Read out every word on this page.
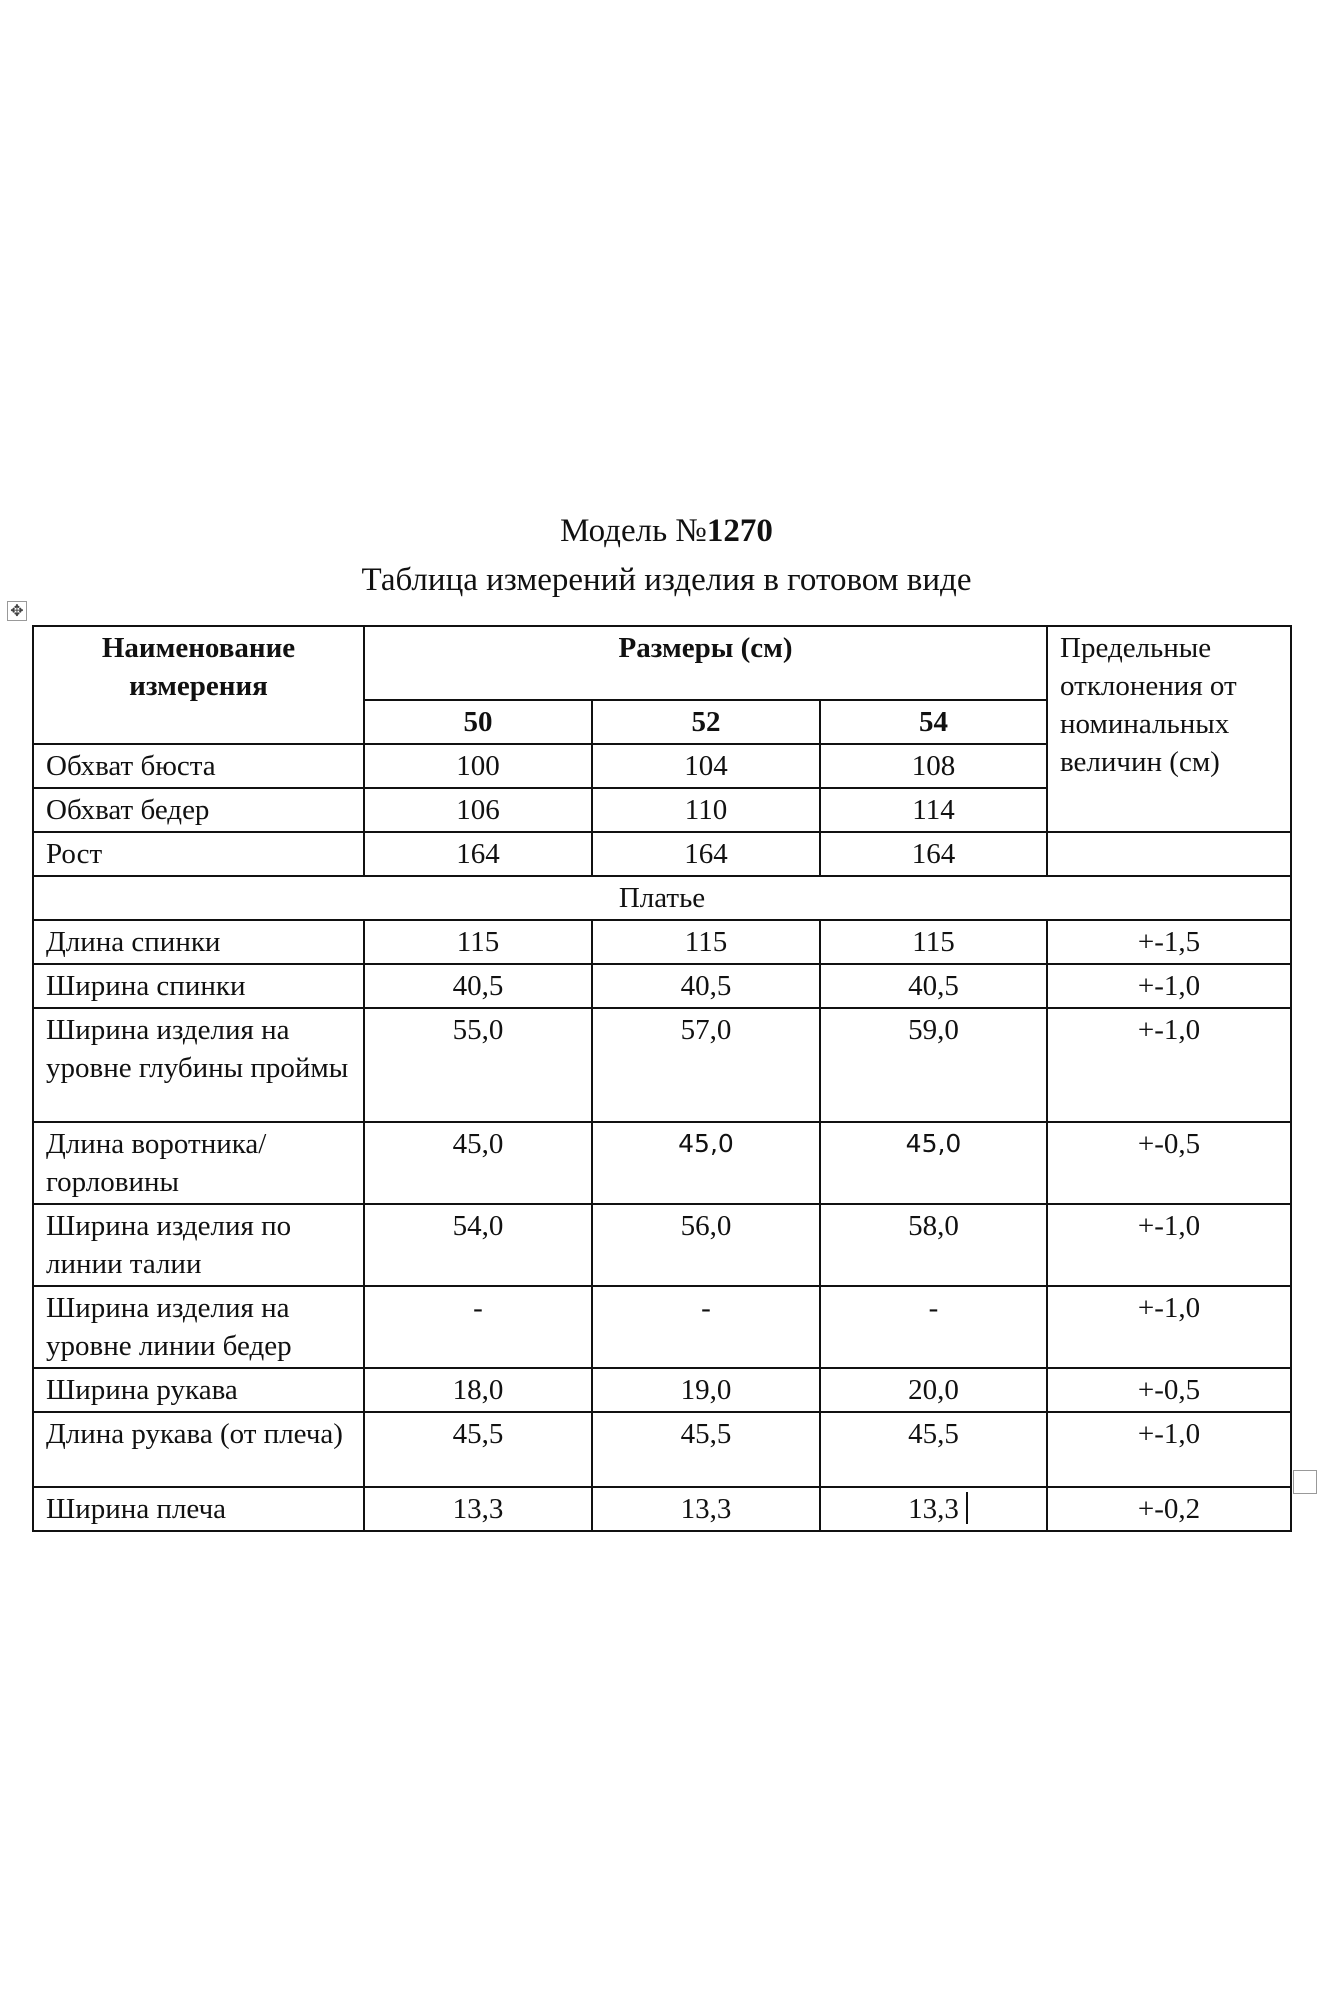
Модель №1270
Таблица измерений изделия в готовом виде
✥
Наименование измерения	Размеры (см)			Предельные отклонения от номинальных величин (см)
	50	52	54	
Обхват бюста	100	104	108	
Обхват бедер	106	110	114	
Рост	164	164	164	
Платье				
Длина спинки	115	115	115	+-1,5
Ширина спинки	40,5	40,5	40,5	+-1,0
Ширина изделия на уровне глубины проймы	55,0	57,0	59,0	+-1,0
Длина воротника/горловины	45,0	45,0	45,0	+-0,5
Ширина изделия по линии талии	54,0	56,0	58,0	+-1,0
Ширина изделия на уровне линии бедер	-	-	-	+-1,0
Ширина рукава	18,0	19,0	20,0	+-0,5
Длина рукава (от плеча)	45,5	45,5	45,5	+-1,0
Ширина плеча	13,3	13,3	13,3	+-0,2
